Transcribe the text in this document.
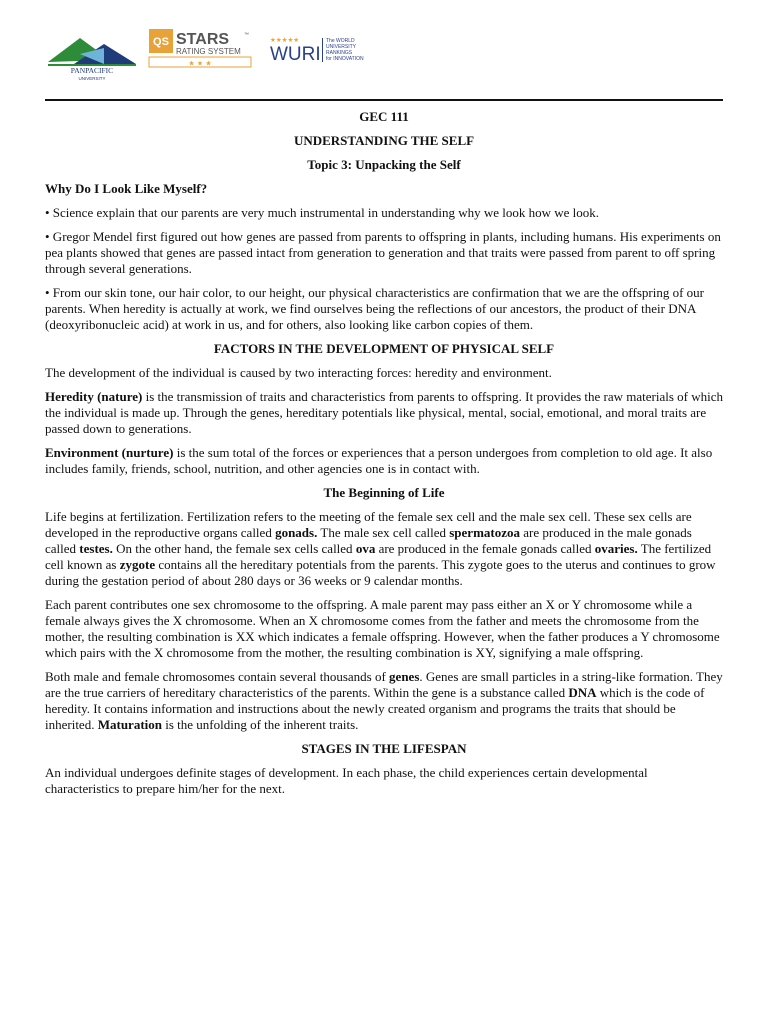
PANPACIFIC
UNIVERSITY
QS STARS	™
RATING SYSTEM
★ ★ ★
★★★★★
WURI
The WORLD
UNIVERSITY
RANKINGS
for INNOVATION

GEC 111

UNDERSTANDING THE SELF

Topic 3: Unpacking the Self

Why Do I Look Like Myself?

• Science explain that our parents are very much instrumental in understanding why we look how we look.

• Gregor Mendel first figured out how genes are passed from parents to offspring in plants, including humans. His experiments on pea plants showed that genes are passed intact from generation to generation and that traits were passed from parent to off spring through several generations.

• From our skin tone, our hair color, to our height, our physical characteristics are confirmation that we are the offspring of our parents. When heredity is actually at work, we find ourselves being the reflections of our ancestors, the product of their DNA (deoxyribonucleic acid) at work in us, and for others, also looking like carbon copies of them.

FACTORS IN THE DEVELOPMENT OF PHYSICAL SELF

The development of the individual is caused by two interacting forces: heredity and environment.

Heredity (nature) is the transmission of traits and characteristics from parents to offspring. It provides the raw materials of which the individual is made up. Through the genes, hereditary potentials like physical, mental, social, emotional, and moral traits are passed down to generations.

Environment (nurture) is the sum total of the forces or experiences that a person undergoes from completion to old age. It also includes family, friends, school, nutrition, and other agencies one is in contact with.

The Beginning of Life

Life begins at fertilization. Fertilization refers to the meeting of the female sex cell and the male sex cell. These sex cells are developed in the reproductive organs called gonads. The male sex cell called spermatozoa are produced in the male gonads called testes. On the other hand, the female sex cells called ova are produced in the female gonads called ovaries. The fertilized cell known as zygote contains all the hereditary potentials from the parents. This zygote goes to the uterus and continues to grow during the gestation period of about 280 days or 36 weeks or 9 calendar months.

Each parent contributes one sex chromosome to the offspring. A male parent may pass either an X or Y chromosome while a female always gives the X chromosome. When an X chromosome comes from the father and meets the chromosome from the mother, the resulting combination is XX which indicates a female offspring. However, when the father produces a Y chromosome which pairs with the X chromosome from the mother, the resulting combination is XY, signifying a male offspring.

Both male and female chromosomes contain several thousands of genes. Genes are small particles in a string-like formation. They are the true carriers of hereditary characteristics of the parents. Within the gene is a substance called DNA which is the code of heredity. It contains information and instructions about the newly created organism and programs the traits that should be inherited. Maturation is the unfolding of the inherent traits.

STAGES IN THE LIFESPAN

An individual undergoes definite stages of development. In each phase, the child experiences certain developmental characteristics to prepare him/her for the next.
